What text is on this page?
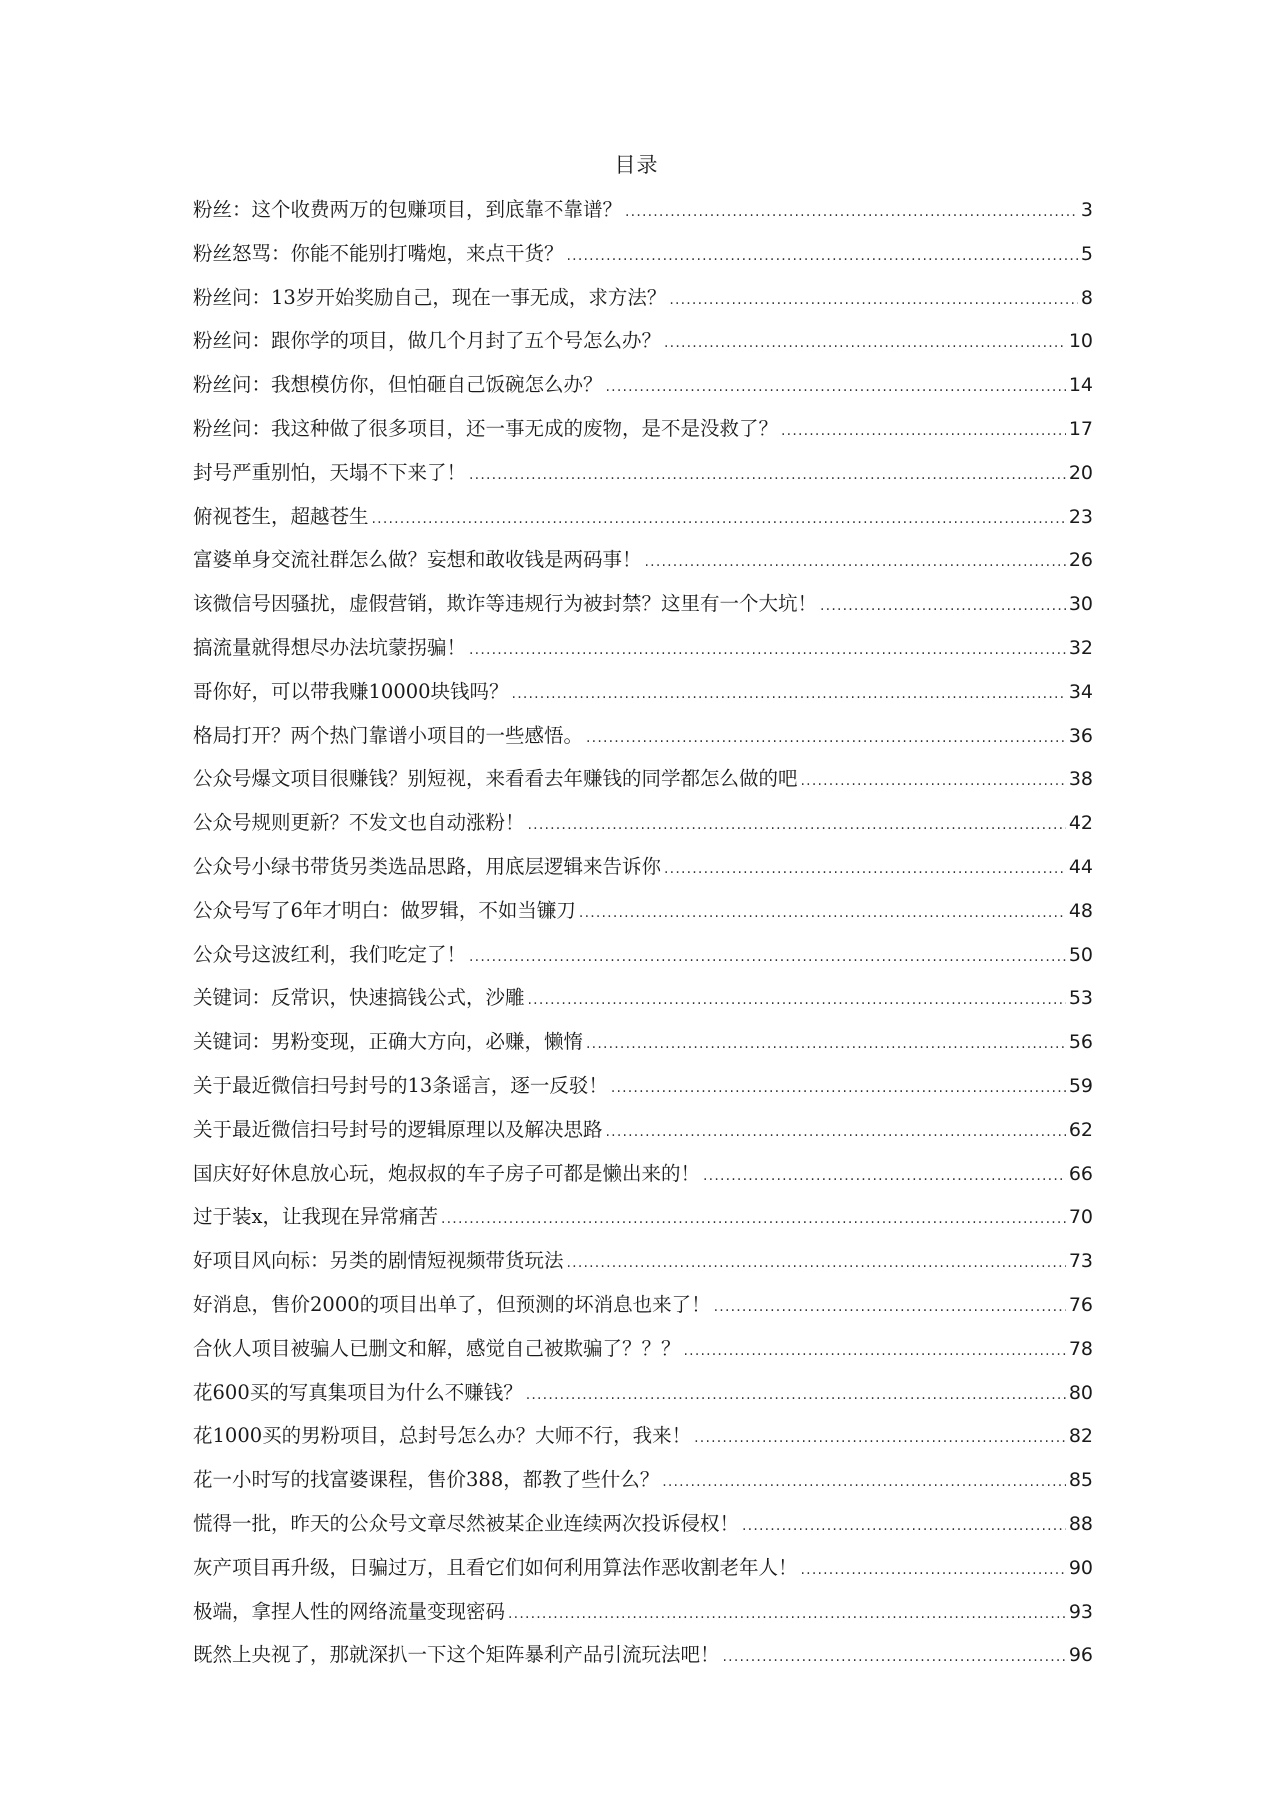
目录
粉丝：这个收费两万的包赚项目，到底靠不靠谱？ .....	3
粉丝怒骂：你能不能别打嘴炮，来点干货？ .....	5
粉丝问：13岁开始奖励自己，现在一事无成，求方法？ .....	8
粉丝问：跟你学的项目，做几个月封了五个号怎么办？ .....	10
粉丝问：我想模仿你，但怕砸自己饭碗怎么办？ .....	14
粉丝问：我这种做了很多项目，还一事无成的废物，是不是没救了？ .....	17
封号严重别怕，天塌不下来了！ .....	20
俯视苍生，超越苍生 .....	23
富婆单身交流社群怎么做？妄想和敢收钱是两码事！ .....	26
该微信号因骚扰，虚假营销，欺诈等违规行为被封禁？这里有一个大坑！ .....	30
搞流量就得想尽办法坑蒙拐骗！ .....	32
哥你好，可以带我赚10000块钱吗？ .....	34
格局打开？两个热门靠谱小项目的一些感悟。 .....	36
公众号爆文项目很赚钱？别短视，来看看去年赚钱的同学都怎么做的吧 .....	38
公众号规则更新？不发文也自动涨粉！ .....	42
公众号小绿书带货另类选品思路，用底层逻辑来告诉你 .....	44
公众号写了6年才明白：做罗辑，不如当镰刀 .....	48
公众号这波红利，我们吃定了！ .....	50
关键词：反常识，快速搞钱公式，沙雕 .....	53
关键词：男粉变现，正确大方向，必赚，懒惰 .....	56
关于最近微信扫号封号的13条谣言，逐一反驳！ .....	59
关于最近微信扫号封号的逻辑原理以及解决思路 .....	62
国庆好好休息放心玩，炮叔叔的车子房子可都是懒出来的！ .....	66
过于装x，让我现在异常痛苦 .....	70
好项目风向标：另类的剧情短视频带货玩法 .....	73
好消息，售价2000的项目出单了，但预测的坏消息也来了！ .....	76
合伙人项目被骗人已删文和解，感觉自己被欺骗了？？？ .....	78
花600买的写真集项目为什么不赚钱？ .....	80
花1000买的男粉项目，总封号怎么办？大师不行，我来！ .....	82
花一小时写的找富婆课程，售价388，都教了些什么？ .....	85
慌得一批，昨天的公众号文章尽然被某企业连续两次投诉侵权！ .....	88
灰产项目再升级，日骗过万，且看它们如何利用算法作恶收割老年人！ .....	90
极端，拿捏人性的网络流量变现密码 .....	93
既然上央视了，那就深扒一下这个矩阵暴利产品引流玩法吧！ .....	96
